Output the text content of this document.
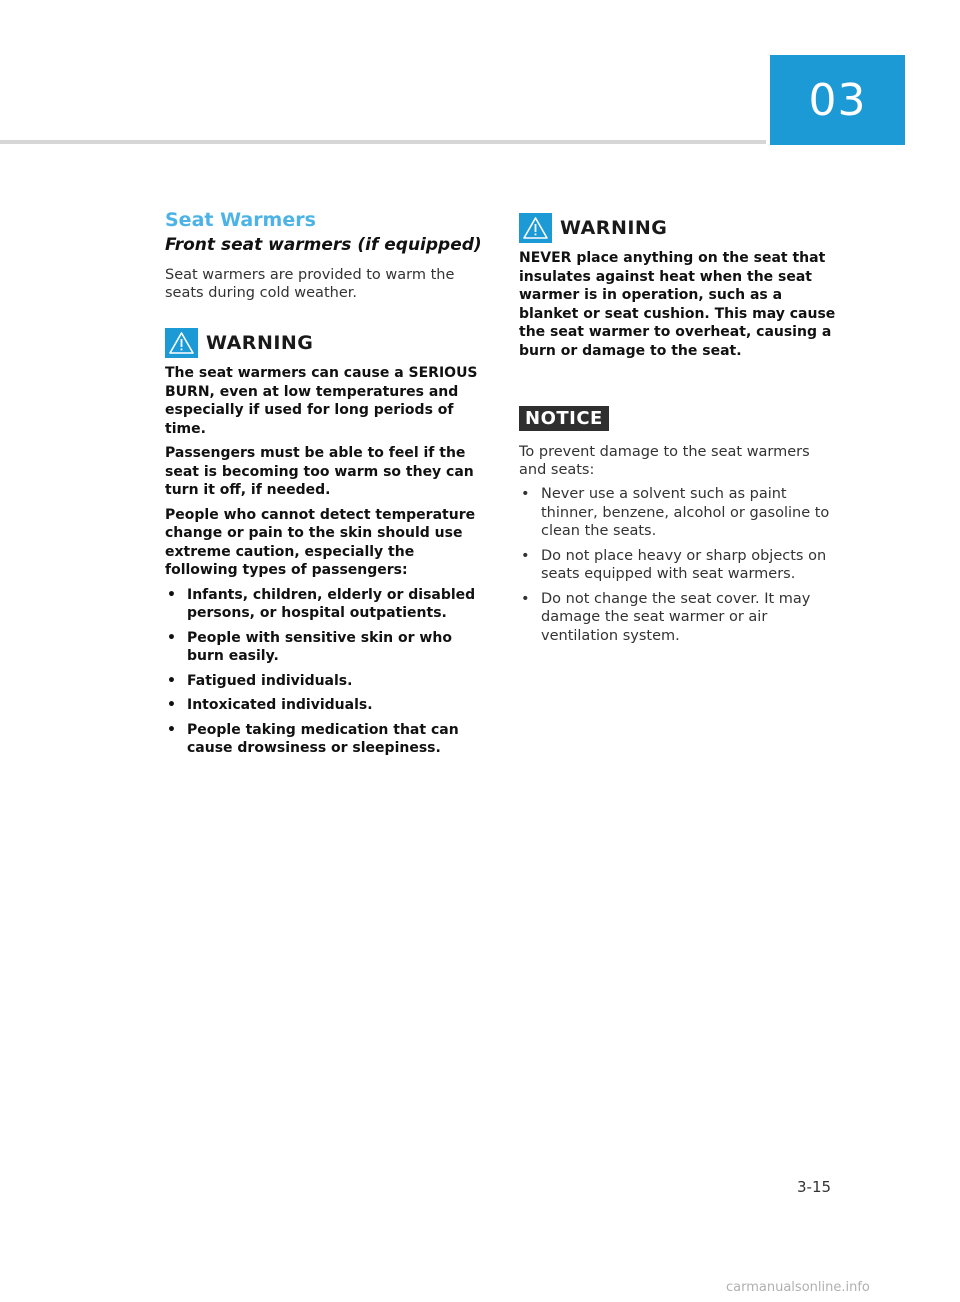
03
Seat Warmers
Front seat warmers (if equipped)

Seat warmers are provided to warm the seats during cold weather.

WARNING

The seat warmers can cause a SERIOUS BURN, even at low temperatures and especially if used for long periods of time.

Passengers must be able to feel if the seat is becoming too warm so they can turn it off, if needed.

People who cannot detect temperature change or pain to the skin should use extreme caution, especially the following types of passengers:

• Infants, children, elderly or disabled persons, or hospital outpatients.
• People with sensitive skin or who burn easily.
• Fatigued individuals.
• Intoxicated individuals.
• People taking medication that can cause drowsiness or sleepiness.
WARNING

NEVER place anything on the seat that insulates against heat when the seat warmer is in operation, such as a blanket or seat cushion. This may cause the seat warmer to overheat, causing a burn or damage to the seat.

NOTICE

To prevent damage to the seat warmers and seats:

• Never use a solvent such as paint thinner, benzene, alcohol or gasoline to clean the seats.
• Do not place heavy or sharp objects on seats equipped with seat warmers.
• Do not change the seat cover. It may damage the seat warmer or air ventilation system.
3-15
carmanualsonline.info
